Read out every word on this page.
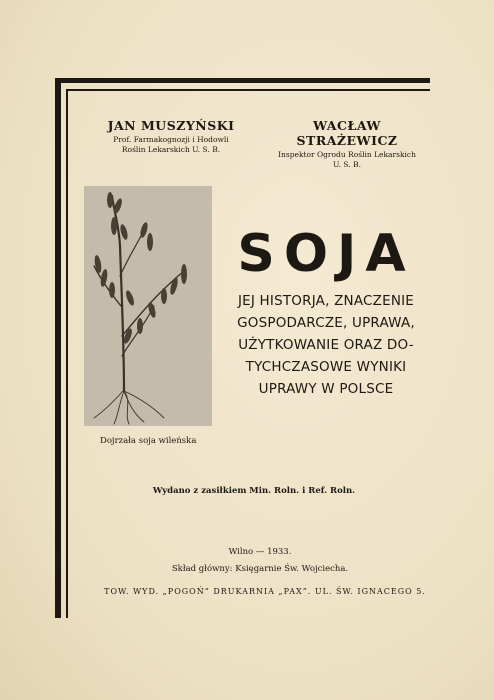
JAN MUSZYŃSKI
Prof. Farmakognozji i Hodowli
Roślin Lekarskich U. S. B.
WACŁAW STRAŻEWICZ
Inspektor Ogrodu Roślin Lekarskich
U. S. B.
Dojrzała soja wileńska
SOJA
JEJ HISTORJA, ZNACZENIE
GOSPODARCZE, UPRAWA,
UŻYTKOWANIE ORAZ DO-
TYCHCZASOWE WYNIKI
UPRAWY W POLSCE
Wydano z zasiłkiem Min. Roln. i Ref. Roln.
Wilno — 1933.
Skład główny: Księgarnie Św. Wojciecha.
TOW. WYD. „POGOŃ” DRUKARNIA „PAX”. UL. ŚW. IGNACEGO 5.
